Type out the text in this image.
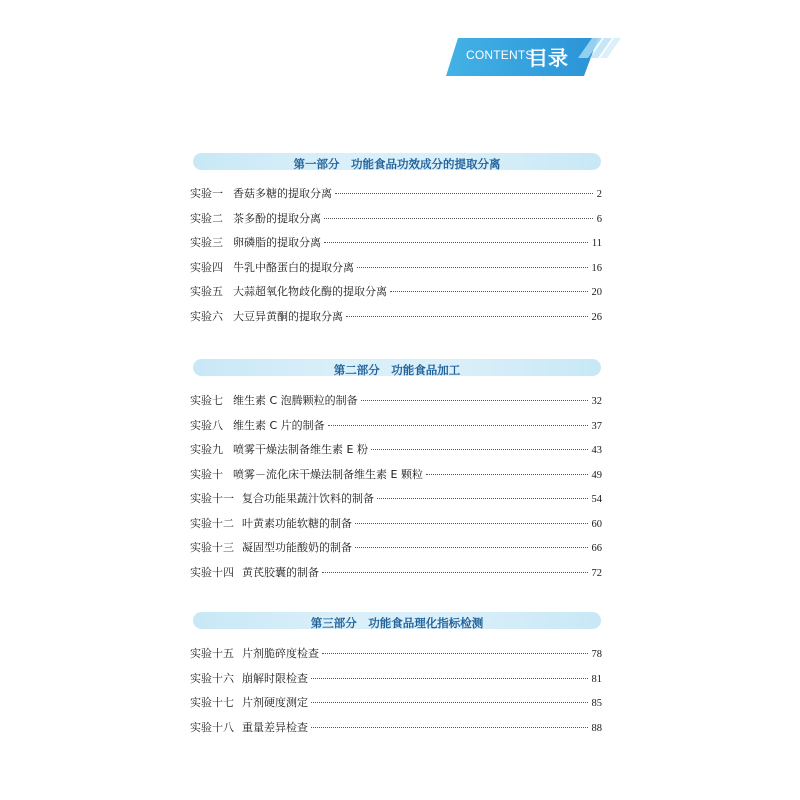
CONTENTS
目录
第一部分　功能食品功效成分的提取分离
实验一 香菇多糖的提取分离	2
实验二 茶多酚的提取分离	6
实验三 卵磷脂的提取分离	11
实验四 牛乳中酪蛋白的提取分离	16
实验五 大蒜超氧化物歧化酶的提取分离	20
实验六 大豆异黄酮的提取分离	26
第二部分　功能食品加工
实验七 维生素 C 泡腾颗粒的制备	32
实验八 维生素 C 片的制备	37
实验九 喷雾干燥法制备维生素 E 粉	43
实验十 喷雾－流化床干燥法制备维生素 E 颗粒	49
实验十一 复合功能果蔬汁饮料的制备	54
实验十二 叶黄素功能软糖的制备	60
实验十三 凝固型功能酸奶的制备	66
实验十四 黄芪胶囊的制备	72
第三部分　功能食品理化指标检测
实验十五 片剂脆碎度检查	78
实验十六 崩解时限检查	81
实验十七 片剂硬度测定	85
实验十八 重量差异检查	88
